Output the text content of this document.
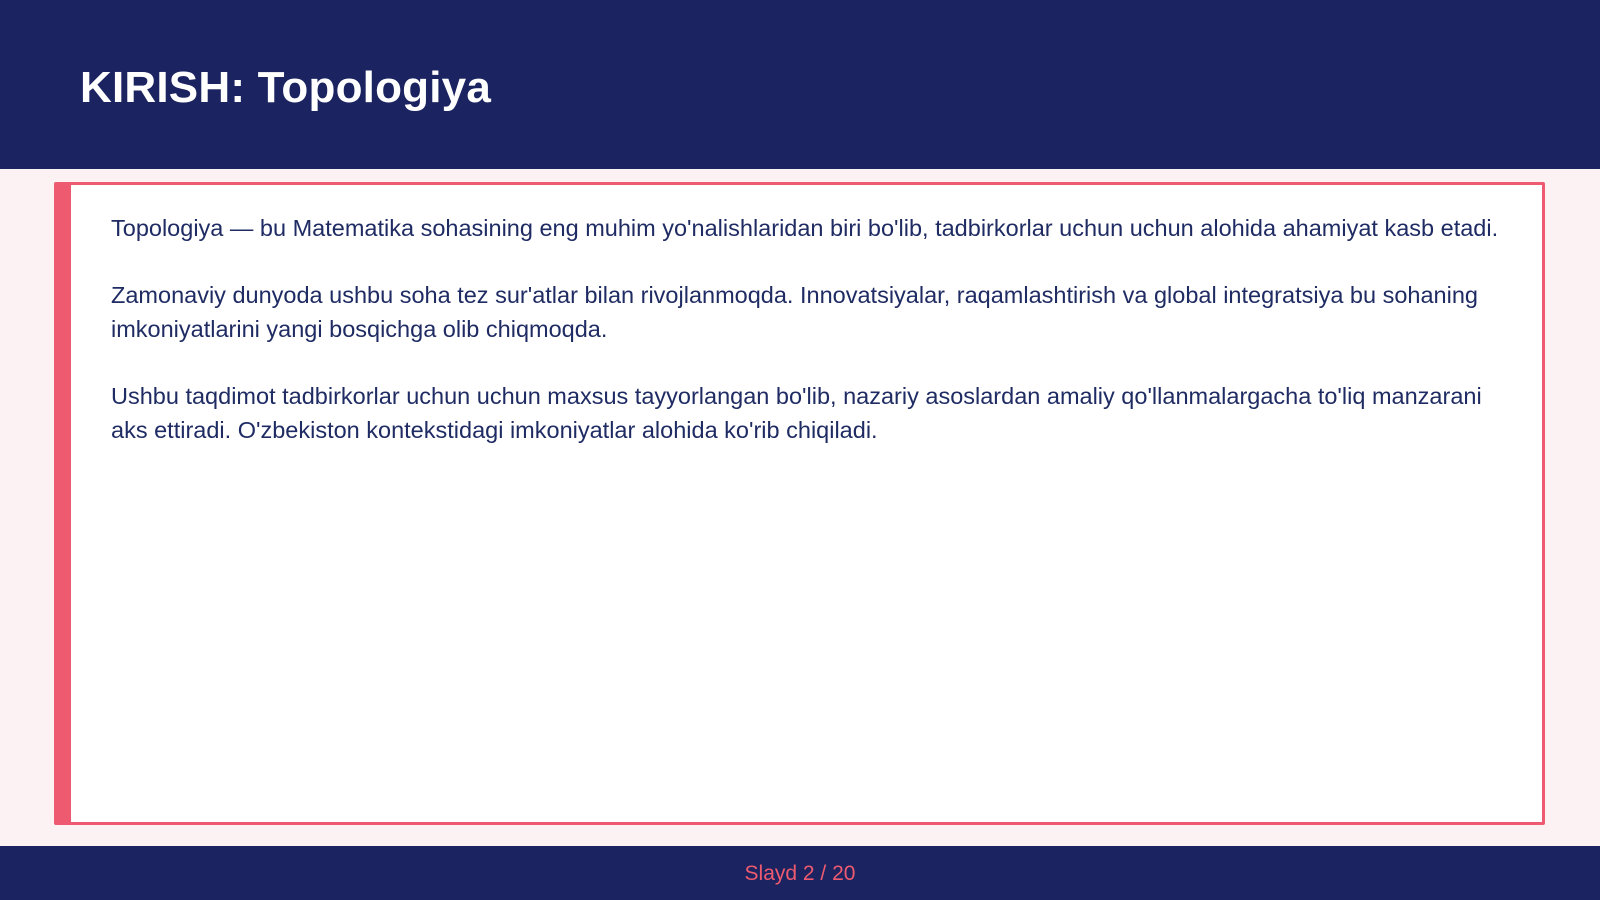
KIRISH: Topologiya

Topologiya — bu Matematika sohasining eng muhim yo'nalishlaridan biri bo'lib, tadbirkorlar uchun uchun alohida ahamiyat kasb etadi.

Zamonaviy dunyoda ushbu soha tez sur'atlar bilan rivojlanmoqda. Innovatsiyalar, raqamlashtirish va global integratsiya bu sohaning imkoniyatlarini yangi bosqichga olib chiqmoqda.

Ushbu taqdimot tadbirkorlar uchun uchun maxsus tayyorlangan bo'lib, nazariy asoslardan amaliy qo'llanmalargacha to'liq manzarani aks ettiradi. O'zbekiston kontekstidagi imkoniyatlar alohida ko'rib chiqiladi.

Slayd 2 / 20
